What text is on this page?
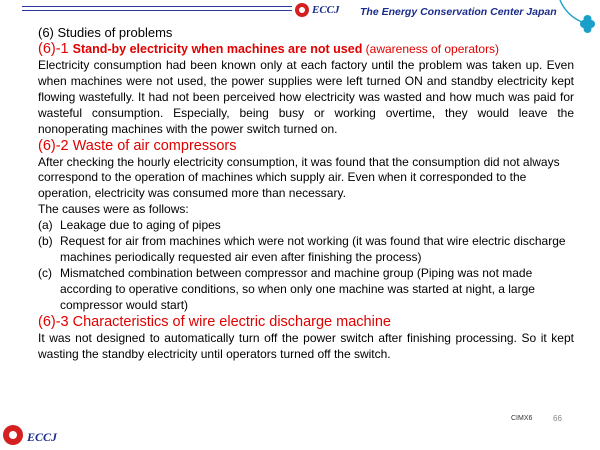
ECCJ The Energy Conservation Center Japan

(6) Studies of problems

(6)-1 Stand-by electricity when machines are not used (awareness of operators)

Electricity consumption had been known only at each factory until the problem was taken up. Even when machines were not used, the power supplies were left turned ON and standby electricity kept flowing wastefully. It had not been perceived how electricity was wasted and how much was paid for wasteful consumption. Especially, being busy or working overtime, they would leave the nonoperating machines with the power switch turned on.

(6)-2 Waste of air compressors

After checking the hourly electricity consumption, it was found that the consumption did not always correspond to the operation of machines which supply air. Even when it corresponded to the operation, electricity was consumed more than necessary.

The causes were as follows:

(a) Leakage due to aging of pipes
(b) Request for air from machines which were not working (it was found that wire electric discharge machines periodically requested air even after finishing the process)
(c) Mismatched combination between compressor and machine group (Piping was not made according to operative conditions, so when only one machine was started at night, a large compressor would start)

(6)-3 Characteristics of wire electric discharge machine

It was not designed to automatically turn off the power switch after finishing processing. So it kept wasting the standby electricity until operators turned off the switch.

ECCJ
CIMX6	66
